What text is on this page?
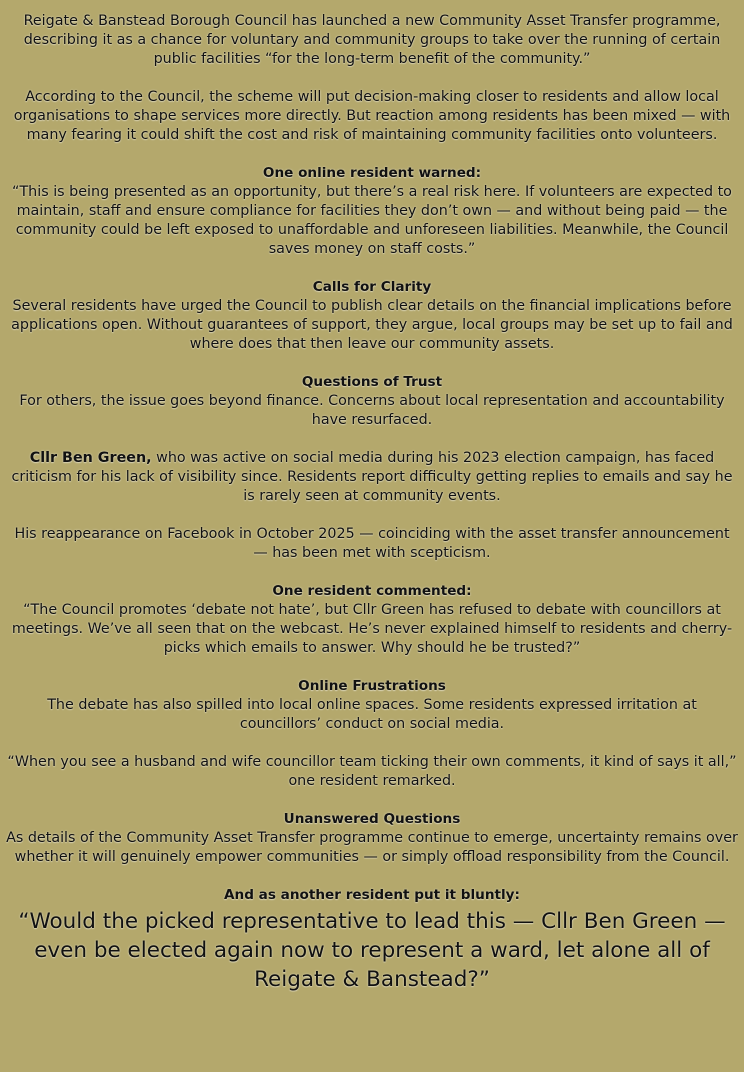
Reigate & Banstead Borough Council has launched a new Community Asset Transfer programme, describing it as a chance for voluntary and community groups to take over the running of certain public facilities “for the long-term benefit of the community.”

According to the Council, the scheme will put decision-making closer to residents and allow local organisations to shape services more directly. But reaction among residents has been mixed — with many fearing it could shift the cost and risk of maintaining community facilities onto volunteers.

One online resident warned:

“This is being presented as an opportunity, but there’s a real risk here. If volunteers are expected to maintain, staff and ensure compliance for facilities they don’t own — and without being paid — the community could be left exposed to unaffordable and unforeseen liabilities. Meanwhile, the Council saves money on staff costs.”

Calls for Clarity

Several residents have urged the Council to publish clear details on the financial implications before applications open. Without guarantees of support, they argue, local groups may be set up to fail and where does that then leave our community assets.

Questions of Trust

For others, the issue goes beyond finance. Concerns about local representation and accountability have resurfaced.

Cllr Ben Green, who was active on social media during his 2023 election campaign, has faced criticism for his lack of visibility since. Residents report difficulty getting replies to emails and say he is rarely seen at community events.

His reappearance on Facebook in October 2025 — coinciding with the asset transfer announcement — has been met with scepticism.

One resident commented:

“The Council promotes ‘debate not hate’, but Cllr Green has refused to debate with councillors at meetings. We’ve all seen that on the webcast. He’s never explained himself to residents and cherry-picks which emails to answer. Why should he be trusted?”

Online Frustrations

The debate has also spilled into local online spaces. Some residents expressed irritation at councillors’ conduct on social media.

“When you see a husband and wife councillor team ticking their own comments, it kind of says it all,” one resident remarked.

Unanswered Questions

As details of the Community Asset Transfer programme continue to emerge, uncertainty remains over whether it will genuinely empower communities — or simply offload responsibility from the Council.

And as another resident put it bluntly:

“Would the picked representative to lead this — Cllr Ben Green — even be elected again now to represent a ward, let alone all of Reigate & Banstead?”
